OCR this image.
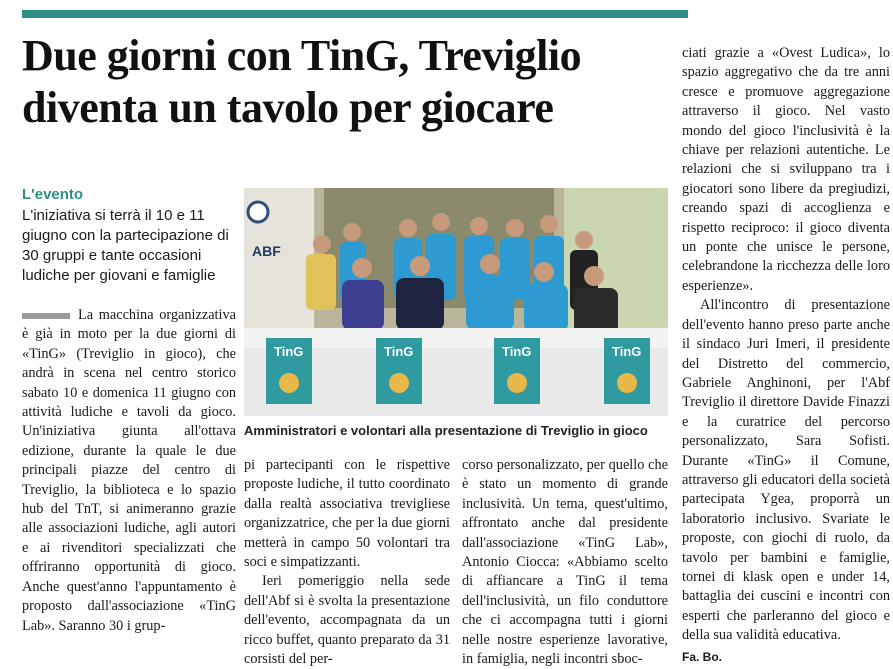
Due giorni con TinG, Treviglio diventa un tavolo per giocare
L'evento
L'iniziativa si terrà il 10 e 11 giugno con la partecipazione di 30 gruppi e tante occasioni ludiche per giovani e famiglie

La macchina organizzativa è già in moto per la due giorni di «TinG» (Treviglio in gioco), che andrà in scena nel centro storico sabato 10 e domenica 11 giugno con attività ludiche e tavoli da gioco. Un'iniziativa giunta all'ottava edizione, durante la quale le due principali piazze del centro di Treviglio, la biblioteca e lo spazio hub del TnT, si animeranno grazie alle associazioni ludiche, agli autori e ai rivenditori specializzati che offriranno opportunità di gioco. Anche quest'anno l'appuntamento è proposto dall'associazione «TinG Lab». Saranno 30 i grup-

ABF
TinG	TinG	TinG	TinG
Amministratori e volontari alla presentazione di Treviglio in gioco

pi partecipanti con le rispettive proposte ludiche, il tutto coordinato dalla realtà associativa trevigliese organizzatrice, che per la due giorni metterà in campo 50 volontari tra soci e simpatizzanti.

Ieri pomeriggio nella sede dell'Abf si è svolta la presentazione dell'evento, accompagnata da un ricco buffet, quanto preparato da 31 corsisti del per-

corso personalizzato, per quello che è stato un momento di grande inclusività. Un tema, quest'ultimo, affrontato anche dal presidente dall'associazione «TinG Lab», Antonio Ciocca: «Abbiamo scelto di affiancare a TinG il tema dell'inclusività, un filo conduttore che ci accompagna tutti i giorni nelle nostre esperienze lavorative, in famiglia, negli incontri sboc-

ciati grazie a «Ovest Ludica», lo spazio aggregativo che da tre anni cresce e promuove aggregazione attraverso il gioco. Nel vasto mondo del gioco l'inclusività è la chiave per relazioni autentiche. Le relazioni che si sviluppano tra i giocatori sono libere da pregiudizi, creando spazi di accoglienza e rispetto reciproco: il gioco diventa un ponte che unisce le persone, celebrandone la ricchezza delle loro esperienze».

All'incontro di presentazione dell'evento hanno preso parte anche il sindaco Juri Imeri, il presidente del Distretto del commercio, Gabriele Anghinoni, per l'Abf Treviglio il direttore Davide Finazzi e la curatrice del percorso personalizzato, Sara Sofisti. Durante «TinG» il Comune, attraverso gli educatori della società partecipata Ygea, proporrà un laboratorio inclusivo. Svariate le proposte, con giochi di ruolo, da tavolo per bambini e famiglie, tornei di klask open e under 14, battaglia dei cuscini e incontri con esperti che parleranno del gioco e della sua validità educativa.

Fa. Bo.
